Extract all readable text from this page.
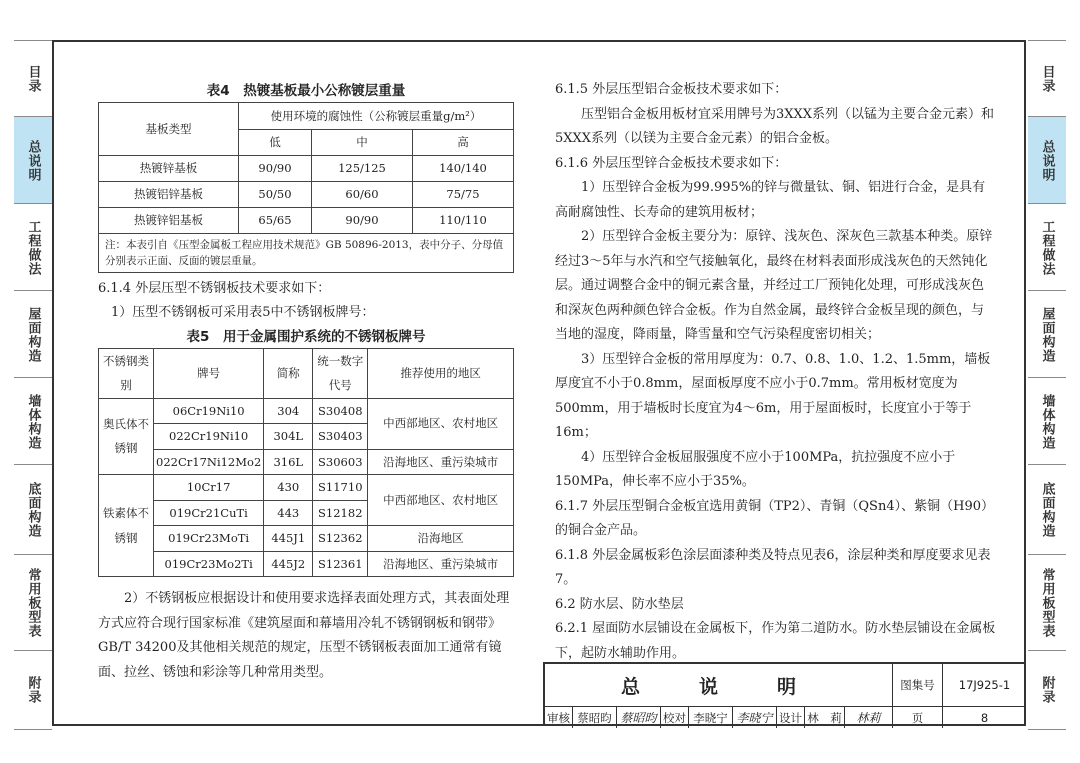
目录
总说明
工程做法
屋面构造
墙体构造
底面构造
常用板型表
附录
目录
总说明
工程做法
屋面构造
墙体构造
底面构造
常用板型表
附录
表4　热镀基板最小公称镀层重量
基板类型	使用环境的腐蚀性（公称镀层重量g/m²）		
	低	中	高
热镀锌基板	90/90	125/125	140/140
热镀铝锌基板	50/50	60/60	75/75
热镀锌铝基板	65/65	90/90	110/110
注：本表引自《压型金属板工程应用技术规范》GB 50896-2013，表中分子、分母值分别表示正面、反面的镀层重量。			

6.1.4 外层压型不锈钢板技术要求如下：

1）压型不锈钢板可采用表5中不锈钢板牌号：

表5　用于金属围护系统的不锈钢板牌号
不锈钢类别	牌号	简称	统一数字代号	推荐使用的地区
奥氏体不锈钢	06Cr19Ni10	304	S30408	中西部地区、农村地区
	022Cr19Ni10	304L	S30403	
	022Cr17Ni12Mo2	316L	S30603	沿海地区、重污染城市
铁素体不锈钢	10Cr17	430	S11710	中西部地区、农村地区
	019Cr21CuTi	443	S12182	
	019Cr23MoTi	445J1	S12362	沿海地区
	019Cr23Mo2Ti	445J2	S12361	沿海地区、重污染城市

2）不锈钢板应根据设计和使用要求选择表面处理方式，其表面处理方式应符合现行国家标准《建筑屋面和幕墙用冷轧不锈钢钢板和钢带》GB/T 34200及其他相关规范的规定，压型不锈钢板表面加工通常有镜面、拉丝、锈蚀和彩涂等几种常用类型。

6.1.5 外层压型铝合金板技术要求如下：

压型铝合金板用板材宜采用牌号为3XXX系列（以锰为主要合金元素）和5XXX系列（以镁为主要合金元素）的铝合金板。

6.1.6 外层压型锌合金板技术要求如下：

1）压型锌合金板为99.995%的锌与微量钛、铜、铝进行合金，是具有高耐腐蚀性、长寿命的建筑用板材；

2）压型锌合金板主要分为：原锌、浅灰色、深灰色三款基本种类。原锌经过3～5年与水汽和空气接触氧化，最终在材料表面形成浅灰色的天然钝化层。通过调整合金中的铜元素含量，并经过工厂预钝化处理，可形成浅灰色和深灰色两种颜色锌合金板。作为自然金属，最终锌合金板呈现的颜色，与当地的湿度，降雨量，降雪量和空气污染程度密切相关；

3）压型锌合金板的常用厚度为：0.7、0.8、1.0、1.2、1.5mm，墙板厚度宜不小于0.8mm，屋面板厚度不应小于0.7mm。常用板材宽度为500mm，用于墙板时长度宜为4～6m，用于屋面板时，长度宜小于等于16m；

4）压型锌合金板屈服强度不应小于100MPa，抗拉强度不应小于150MPa，伸长率不应小于35%。

6.1.7 外层压型铜合金板宜选用黄铜（TP2）、青铜（QSn4）、紫铜（H90）的铜合金产品。

6.1.8 外层金属板彩色涂层面漆种类及特点见表6，涂层种类和厚度要求见表7。

6.2 防水层、防水垫层

6.2.1 屋面防水层铺设在金属板下，作为第二道防水。防水垫层铺设在金属板下，起防水辅助作用。

总　说　明	图集号	17J925-1
审核 蔡昭昀 蔡昭昀 校对 李晓宁 李晓宁 设计 林　莉	林莉	页	8
